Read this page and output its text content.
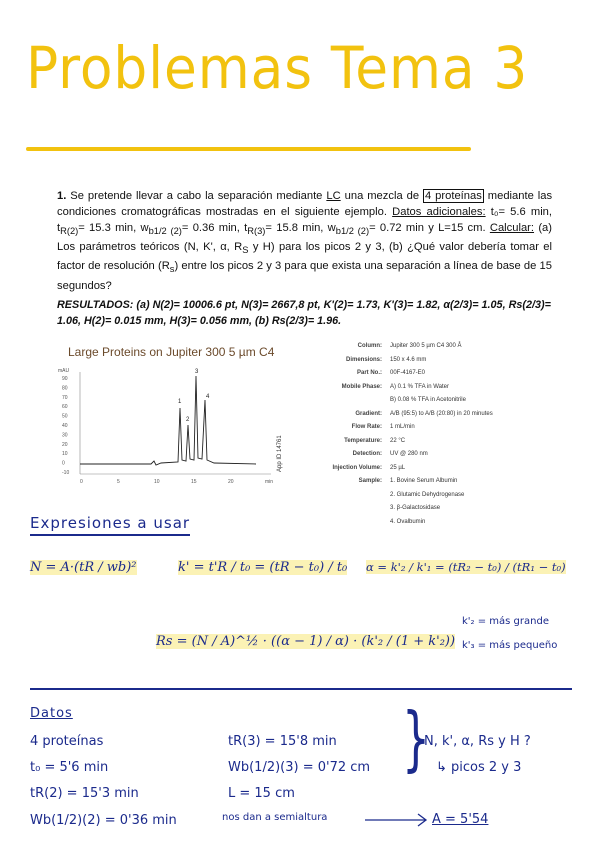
Problemas Tema 3
1. Se pretende llevar a cabo la separación mediante LC una mezcla de 4 proteínas mediante las condiciones cromatográficas mostradas en el siguiente ejemplo. Datos adicionales: t₀= 5.6 min, $t_{R(2)}= 15.3$ min, $w_{b1/2 (2)}= 0.36$ min, $t_{R(3)}= 15.8$ min, $w_{b1/2 (2)}= 0.72$ min y L=15 cm. Calcular: (a) Los parámetros teóricos (N, K', α, $R_S$ y H) para los picos 2 y 3, (b) ¿Qué valor debería tomar el factor de resolución $(R_s)$ entre los picos 2 y 3 para que exista una separación a línea de base de 15 segundos?
RESULTADOS: (a) N(2)= 10006.6 pt, N(3)= 2667,8 pt, K'(2)= 1.73, K'(3)= 1.82, α(2/3)= 1.05, Rs(2/3)= 1.06, H(2)= 0.015 mm, H(3)= 0.056 mm, (b) Rs(2/3)= 1.96.
Large Proteins on Jupiter 300 5 µm C4
mAU
90
80
70
60
50
40
30
20
10
0
-10
0	5	10	15	20	min
1
2
3
4
App ID 14761
Column:	Jupiter 300 5 µm C4 300 Å
Dimensions:	150 x 4.6 mm
Part No.:	00F-4167-E0
Mobile Phase:	A) 0.1 % TFA in Water
B) 0.08 % TFA in Acetonitrile
Gradient:	A/B (95:5) to A/B (20:80) in 20 minutes
Flow Rate:	1 mL/min
Temperature:	22 °C
Detection:	UV @ 280 nm
Injection Volume:	25 µL
Sample:	1. Bovine Serum Albumin
2. Glutamic Dehydrogenase
3. β-Galactosidase
4. Ovalbumin
Expresiones a usar
N = A·(tR / wb)²	k' = t'R / t₀ = (tR − t₀) / t₀ α = k'₂ / k'₁ = (tR₂ − t₀) / (tR₁ − t₀)
Rs = (N / A)^½ · ((α − 1) / α) · (k'₂ / (1 + k'₂))
k'₂ = más grande
k'₃ = más pequeño
Datos
4 proteínas
t₀ = 5'6 min
tR(2) = 15'3 min
Wb(1/2)(2) = 0'36 min
tR(3) = 15'8 min
Wb(1/2)(3) = 0'72 cm
L = 15 cm
}
N, k', α, Rs y H ?
↳ picos 2 y 3
nos dan a semialtura	A = 5'54
